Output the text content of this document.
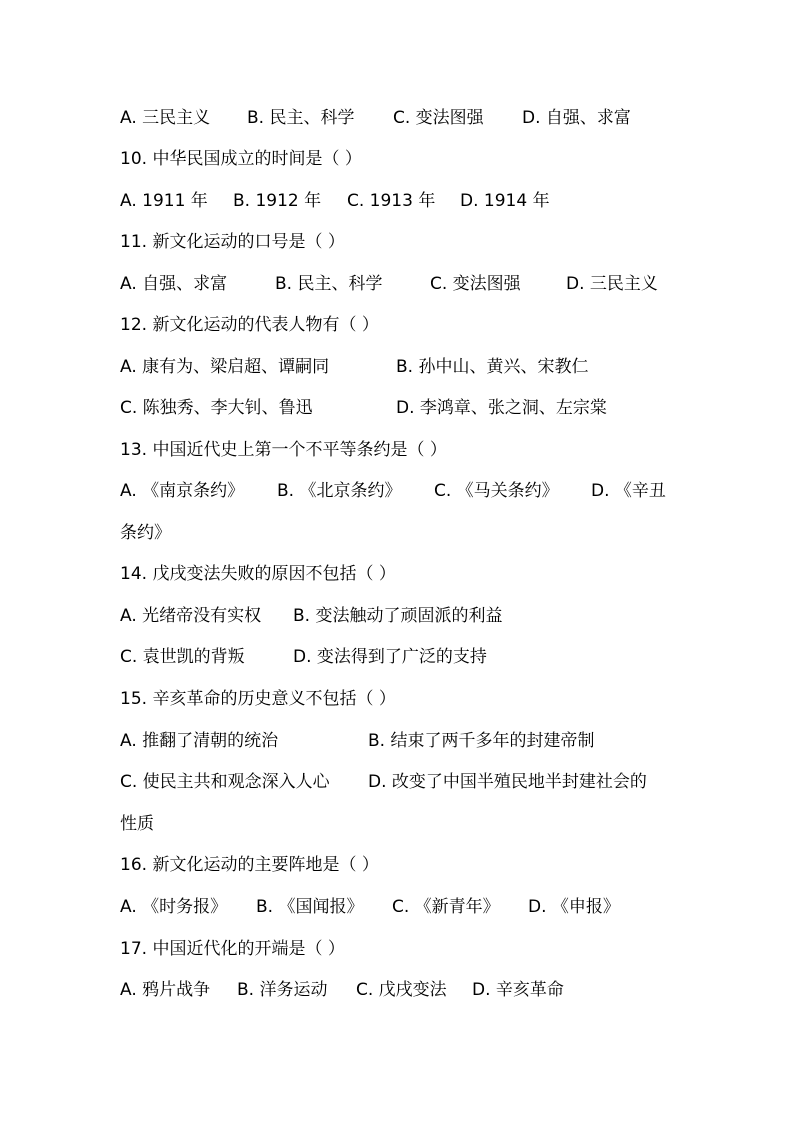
A. 三民主义 B. 民主、科学 C. 变法图强 D. 自强、求富
10. 中华民国成立的时间是（ ）
A. 1911 年 B. 1912 年 C. 1913 年 D. 1914 年
11. 新文化运动的口号是（ ）
A. 自强、求富	B. 民主、科学	C. 变法图强	D. 三民主义
12. 新文化运动的代表人物有（ ）
A. 康有为、梁启超、谭嗣同	B. 孙中山、黄兴、宋教仁
C. 陈独秀、李大钊、鲁迅	D. 李鸿章、张之洞、左宗棠
13. 中国近代史上第一个不平等条约是（ ）
A. 《南京条约》 B. 《北京条约》 C. 《马关条约》 D. 《辛丑
条约》
14. 戊戌变法失败的原因不包括（ ）
A. 光绪帝没有实权 B. 变法触动了顽固派的利益
C. 袁世凯的背叛	D. 变法得到了广泛的支持
15. 辛亥革命的历史意义不包括（ ）
A. 推翻了清朝的统治	B. 结束了两千多年的封建帝制
C. 使民主共和观念深入人心 D. 改变了中国半殖民地半封建社会的
性质
16. 新文化运动的主要阵地是（ ）
A. 《时务报》 B. 《国闻报》 C. 《新青年》 D. 《申报》
17. 中国近代化的开端是（ ）
A. 鸦片战争 B. 洋务运动 C. 戊戌变法 D. 辛亥革命
